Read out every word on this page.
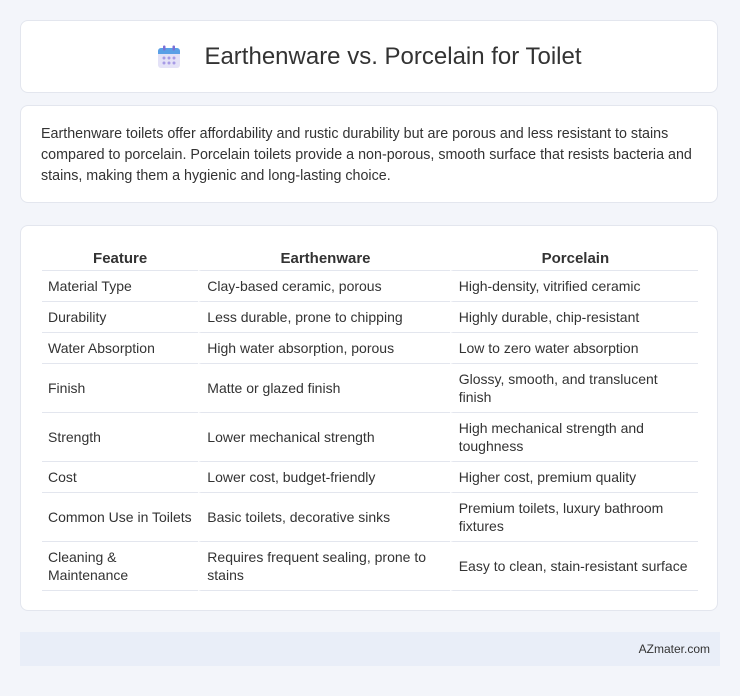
Earthenware vs. Porcelain for Toilet

Earthenware toilets offer affordability and rustic durability but are porous and less resistant to stains compared to porcelain. Porcelain toilets provide a non-porous, smooth surface that resists bacteria and stains, making them a hygienic and long-lasting choice.

Feature	Earthenware	Porcelain
Material Type	Clay-based ceramic, porous	High-density, vitrified ceramic
Durability	Less durable, prone to chipping	Highly durable, chip-resistant
Water Absorption	High water absorption, porous	Low to zero water absorption
Finish	Matte or glazed finish	Glossy, smooth, and translucent finish
Strength	Lower mechanical strength	High mechanical strength and toughness
Cost	Lower cost, budget-friendly	Higher cost, premium quality
Common Use in Toilets	Basic toilets, decorative sinks	Premium toilets, luxury bathroom fixtures
Cleaning & Maintenance	Requires frequent sealing, prone to stains	Easy to clean, stain-resistant surface
AZmater.com
